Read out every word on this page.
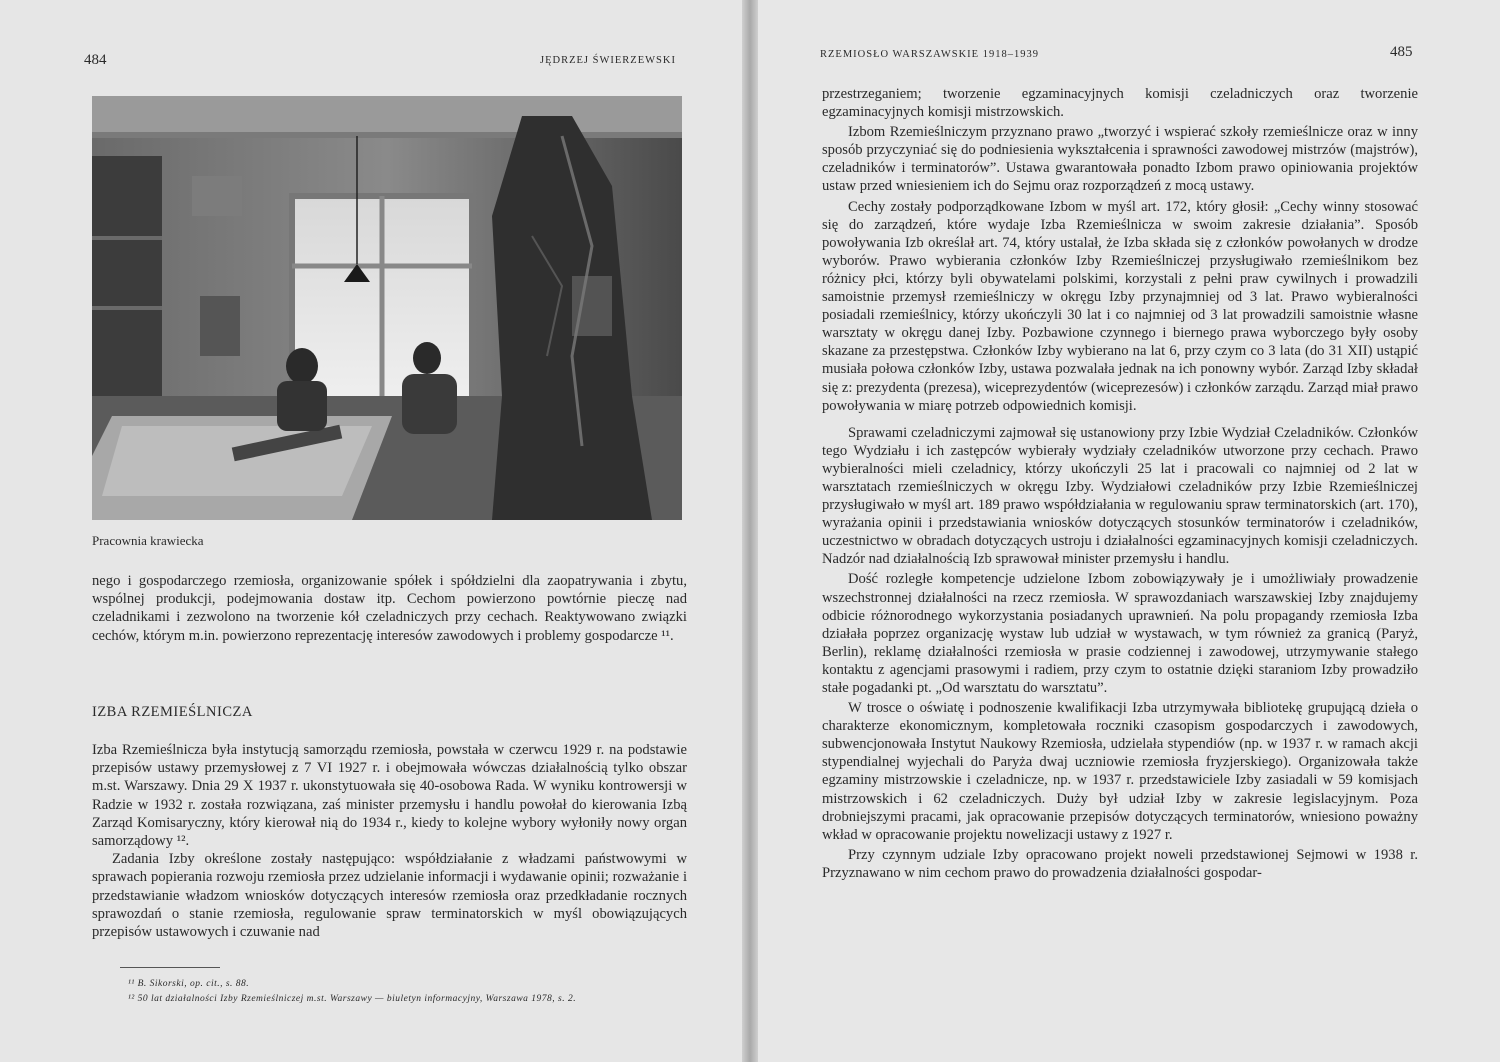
484	JĘDRZEJ ŚWIERZEWSKI
Pracownia krawiecka

nego i gospodarczego rzemiosła, organizowanie spółek i spółdzielni dla zaopatrywania i zbytu, wspólnej produkcji, podejmowania dostaw itp. Cechom powierzono powtórnie pieczę nad czeladnikami i zezwolono na tworzenie kół czeladniczych przy cechach. Reaktywowano związki cechów, którym m.in. powierzono reprezentację interesów zawodowych i problemy gospodarcze ¹¹.

IZBA RZEMIEŚLNICZA

Izba Rzemieślnicza była instytucją samorządu rzemiosła, powstała w czerwcu 1929 r. na podstawie przepisów ustawy przemysłowej z 7 VI 1927 r. i obejmowała wówczas działalnością tylko obszar m.st. Warszawy. Dnia 29 X 1937 r. ukonstytuowała się 40-osobowa Rada. W wyniku kontrowersji w Radzie w 1932 r. została rozwiązana, zaś minister przemysłu i handlu powołał do kierowania Izbą Zarząd Komisaryczny, który kierował nią do 1934 r., kiedy to kolejne wybory wyłoniły nowy organ samorządowy ¹².

Zadania Izby określone zostały następująco: współdziałanie z władzami państwowymi w sprawach popierania rozwoju rzemiosła przez udzielanie informacji i wydawanie opinii; rozważanie i przedstawianie władzom wniosków dotyczących interesów rzemiosła oraz przedkładanie rocznych sprawozdań o stanie rzemiosła, regulowanie spraw terminatorskich w myśl obowiązujących przepisów ustawowych i czuwanie nad

¹¹ B. Sikorski, op. cit., s. 88.
¹² 50 lat działalności Izby Rzemieślniczej m.st. Warszawy — biuletyn informacyjny, Warszawa 1978, s. 2.
RZEMIOSŁO WARSZAWSKIE 1918–1939	485

przestrzeganiem; tworzenie egzaminacyjnych komisji czeladniczych oraz tworzenie egzaminacyjnych komisji mistrzowskich.

Izbom Rzemieślniczym przyznano prawo „tworzyć i wspierać szkoły rzemieślnicze oraz w inny sposób przyczyniać się do podniesienia wykształcenia i sprawności zawodowej mistrzów (majstrów), czeladników i terminatorów”. Ustawa gwarantowała ponadto Izbom prawo opiniowania projektów ustaw przed wniesieniem ich do Sejmu oraz rozporządzeń z mocą ustawy.

Cechy zostały podporządkowane Izbom w myśl art. 172, który głosił: „Cechy winny stosować się do zarządzeń, które wydaje Izba Rzemieślnicza w swoim zakresie działania”. Sposób powoływania Izb określał art. 74, który ustalał, że Izba składa się z członków powołanych w drodze wyborów. Prawo wybierania członków Izby Rzemieślniczej przysługiwało rzemieślnikom bez różnicy płci, którzy byli obywatelami polskimi, korzystali z pełni praw cywilnych i prowadzili samoistnie przemysł rzemieślniczy w okręgu Izby przynajmniej od 3 lat. Prawo wybieralności posiadali rzemieślnicy, którzy ukończyli 30 lat i co najmniej od 3 lat prowadzili samoistnie własne warsztaty w okręgu danej Izby. Pozbawione czynnego i biernego prawa wyborczego były osoby skazane za przestępstwa. Członków Izby wybierano na lat 6, przy czym co 3 lata (do 31 XII) ustąpić musiała połowa członków Izby, ustawa pozwalała jednak na ich ponowny wybór. Zarząd Izby składał się z: prezydenta (prezesa), wiceprezydentów (wiceprezesów) i członków zarządu. Zarząd miał prawo powoływania w miarę potrzeb odpowiednich komisji.

Sprawami czeladniczymi zajmował się ustanowiony przy Izbie Wydział Czeladników. Członków tego Wydziału i ich zastępców wybierały wydziały czeladników utworzone przy cechach. Prawo wybieralności mieli czeladnicy, którzy ukończyli 25 lat i pracowali co najmniej od 2 lat w warsztatach rzemieślniczych w okręgu Izby. Wydziałowi czeladników przy Izbie Rzemieślniczej przysługiwało w myśl art. 189 prawo współdziałania w regulowaniu spraw terminatorskich (art. 170), wyrażania opinii i przedstawiania wniosków dotyczących stosunków terminatorów i czeladników, uczestnictwo w obradach dotyczących ustroju i działalności egzaminacyjnych komisji czeladniczych. Nadzór nad działalnością Izb sprawował minister przemysłu i handlu.

Dość rozległe kompetencje udzielone Izbom zobowiązywały je i umożliwiały prowadzenie wszechstronnej działalności na rzecz rzemiosła. W sprawozdaniach warszawskiej Izby znajdujemy odbicie różnorodnego wykorzystania posiadanych uprawnień. Na polu propagandy rzemiosła Izba działała poprzez organizację wystaw lub udział w wystawach, w tym również za granicą (Paryż, Berlin), reklamę działalności rzemiosła w prasie codziennej i zawodowej, utrzymywanie stałego kontaktu z agencjami prasowymi i radiem, przy czym to ostatnie dzięki staraniom Izby prowadziło stałe pogadanki pt. „Od warsztatu do warsztatu”.

W trosce o oświatę i podnoszenie kwalifikacji Izba utrzymywała bibliotekę grupującą dzieła o charakterze ekonomicznym, kompletowała roczniki czasopism gospodarczych i zawodowych, subwencjonowała Instytut Naukowy Rzemiosła, udzielała stypendiów (np. w 1937 r. w ramach akcji stypendialnej wyjechali do Paryża dwaj uczniowie rzemiosła fryzjerskiego). Organizowała także egzaminy mistrzowskie i czeladnicze, np. w 1937 r. przedstawiciele Izby zasiadali w 59 komisjach mistrzowskich i 62 czeladniczych. Duży był udział Izby w zakresie legislacyjnym. Poza drobniejszymi pracami, jak opracowanie przepisów dotyczących terminatorów, wniesiono poważny wkład w opracowanie projektu nowelizacji ustawy z 1927 r.

Przy czynnym udziale Izby opracowano projekt noweli przedstawionej Sejmowi w 1938 r. Przyznawano w nim cechom prawo do prowadzenia działalności gospodar-
